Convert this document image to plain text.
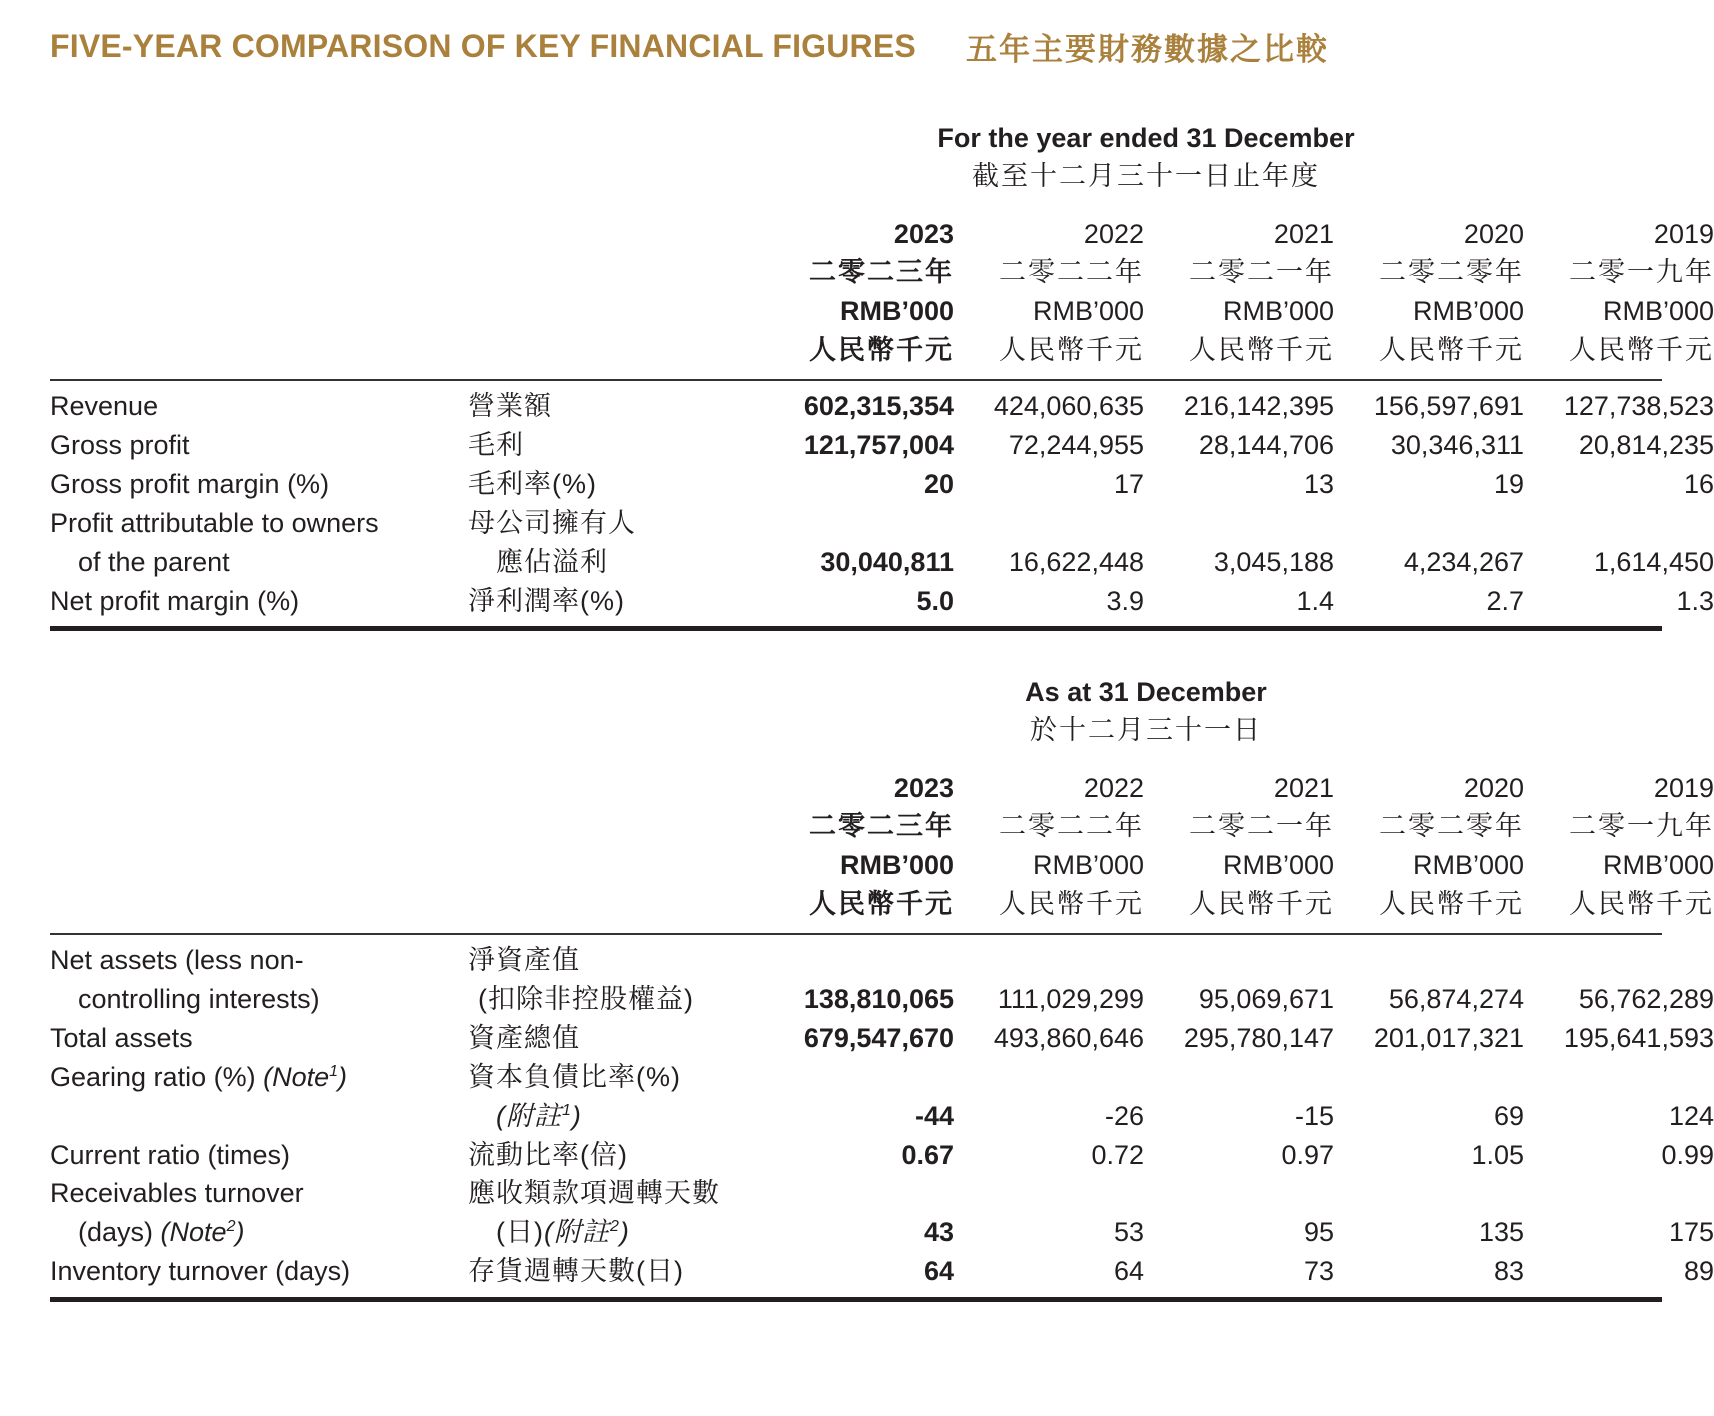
FIVE-YEAR COMPARISON OF KEY FINANCIAL FIGURES 五年主要財務數據之比較
For the year ended 31 December
截至十二月三十一日止年度
2023	2022	2021	2020	2019
二零二三年	二零二二年	二零二一年	二零二零年	二零一九年
RMB’000	RMB’000	RMB’000	RMB’000	RMB’000
人民幣千元	人民幣千元	人民幣千元	人民幣千元	人民幣千元
Revenue	營業額	602,315,354	424,060,635	216,142,395	156,597,691	127,738,523
Gross profit	毛利	121,757,004	72,244,955	28,144,706	30,346,311	20,814,235
Gross profit margin (%)	毛利率(%)	20	17	13	19	16
Profit attributable to owners	母公司擁有人
of the parent	應佔溢利	30,040,811	16,622,448	3,045,188	4,234,267	1,614,450
Net profit margin (%)	淨利潤率(%)	5.0	3.9	1.4	2.7	1.3
As at 31 December
於十二月三十一日
2023	2022	2021	2020	2019
二零二三年	二零二二年	二零二一年	二零二零年	二零一九年
RMB’000	RMB’000	RMB’000	RMB’000	RMB’000
人民幣千元	人民幣千元	人民幣千元	人民幣千元	人民幣千元
Net assets (less non-	淨資產值
controlling interests)	(扣除非控股權益)	138,810,065	111,029,299	95,069,671	56,874,274	56,762,289
Total assets	資產總值	679,547,670	493,860,646	295,780,147	201,017,321	195,641,593
Gearing ratio (%) (Note$^1$)	資本負債比率(%)
(附註$^1$)	-44	-26	-15	69	124
Current ratio (times)	流動比率(倍)	0.67	0.72	0.97	1.05	0.99
Receivables turnover	應收類款項週轉天數
(days) (Note$^2$)	(日)(附註$^2$)	43	53	95	135	175
Inventory turnover (days)	存貨週轉天數(日)	64	64	73	83	89
